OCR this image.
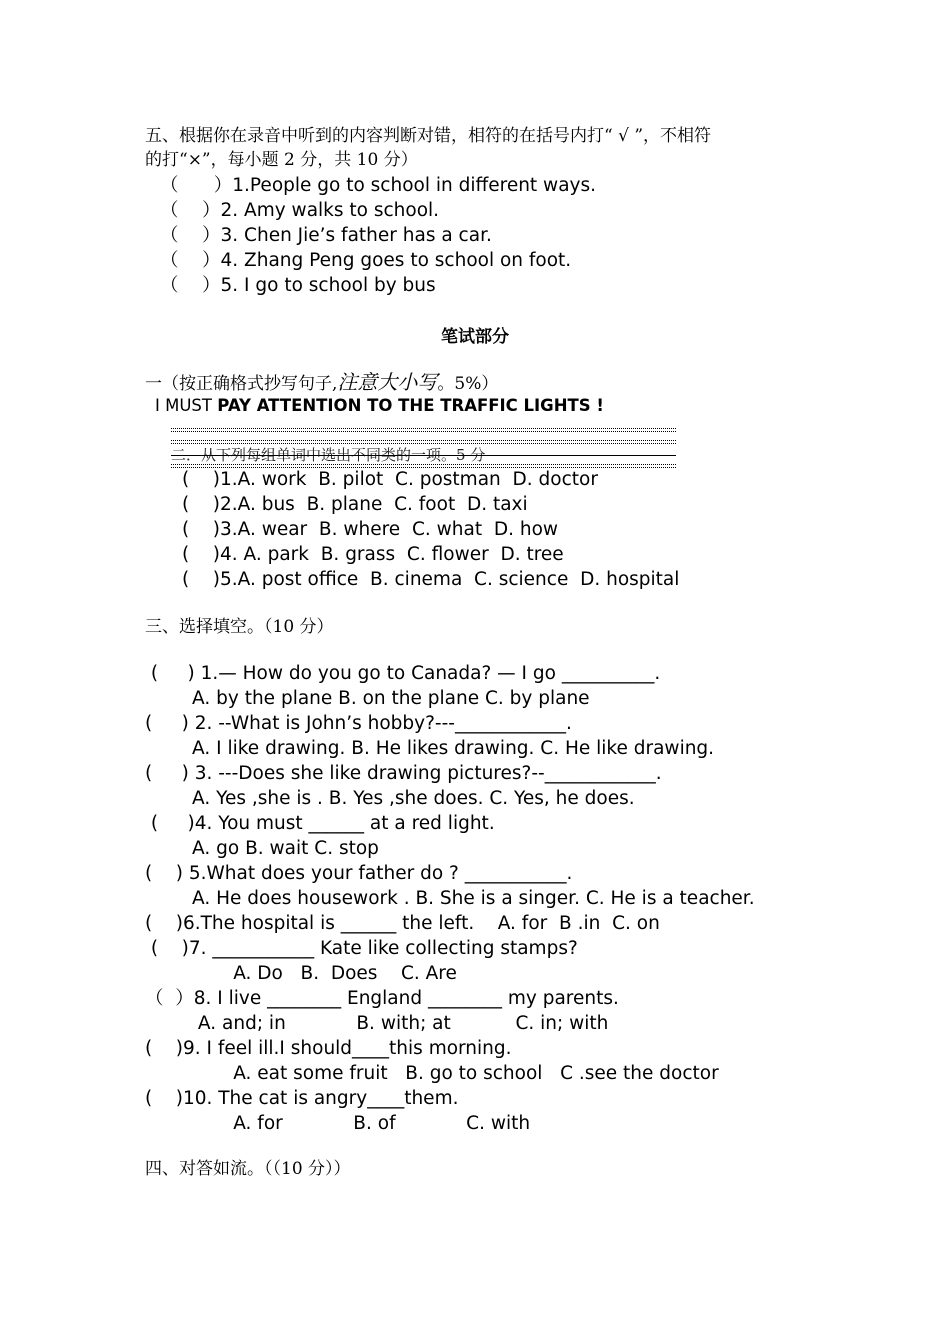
五、根据你在录音中听到的内容判断对错，相符的在括号内打“ √ ”，不相符
的打“×”，每小题 2 分，共 10 分）
（      ）1.People go to school in different ways.
（    ）2. Amy walks to school.
（    ）3. Chen Jie’s father has a car.
（    ）4. Zhang Peng goes to school on foot.
（    ）5. I go to school by bus
笔试部分
一（按正确格式抄写句子,注意大小写。5%）
I MUST PAY ATTENTION TO THE TRAFFIC LIGHTS !
二．从下列每组单词中选出不同类的一项。5 分
(    )1.A. work  B. pilot  C. postman  D. doctor
(    )2.A. bus  B. plane  C. foot  D. taxi
(    )3.A. wear  B. where  C. what  D. how
(    )4. A. park  B. grass  C. flower  D. tree
(    )5.A. post office  B. cinema  C. science  D. hospital
三、选择填空。（10 分）
(     ) 1.— How do you go to Canada? — I go __________.
A. by the plane B. on the plane C. by plane
(     ) 2. --What is John’s hobby?---____________.
A. I like drawing. B. He likes drawing. C. He like drawing.
(     ) 3. ---Does she like drawing pictures?--____________.
A. Yes ,she is . B. Yes ,she does. C. Yes, he does.
(     )4. You must ______ at a red light.
A. go B. wait C. stop
(    ) 5.What does your father do ? ___________.
A. He does housework . B. She is a singer. C. He is a teacher.
(    )6.The hospital is ______ the left.    A. for  B .in  C. on
(    )7. ___________ Kate like collecting stamps?
A. Do   B.  Does    C. Are
（  ）8. I live ________ England ________ my parents.
A. and; in            B. with; at           C. in; with
(    )9. I feel ill.I should____this morning.
A. eat some fruit   B. go to school   C .see the doctor
(    )10. The cat is angry____them.
A. for            B. of            C. with
四、对答如流。（（10 分））
